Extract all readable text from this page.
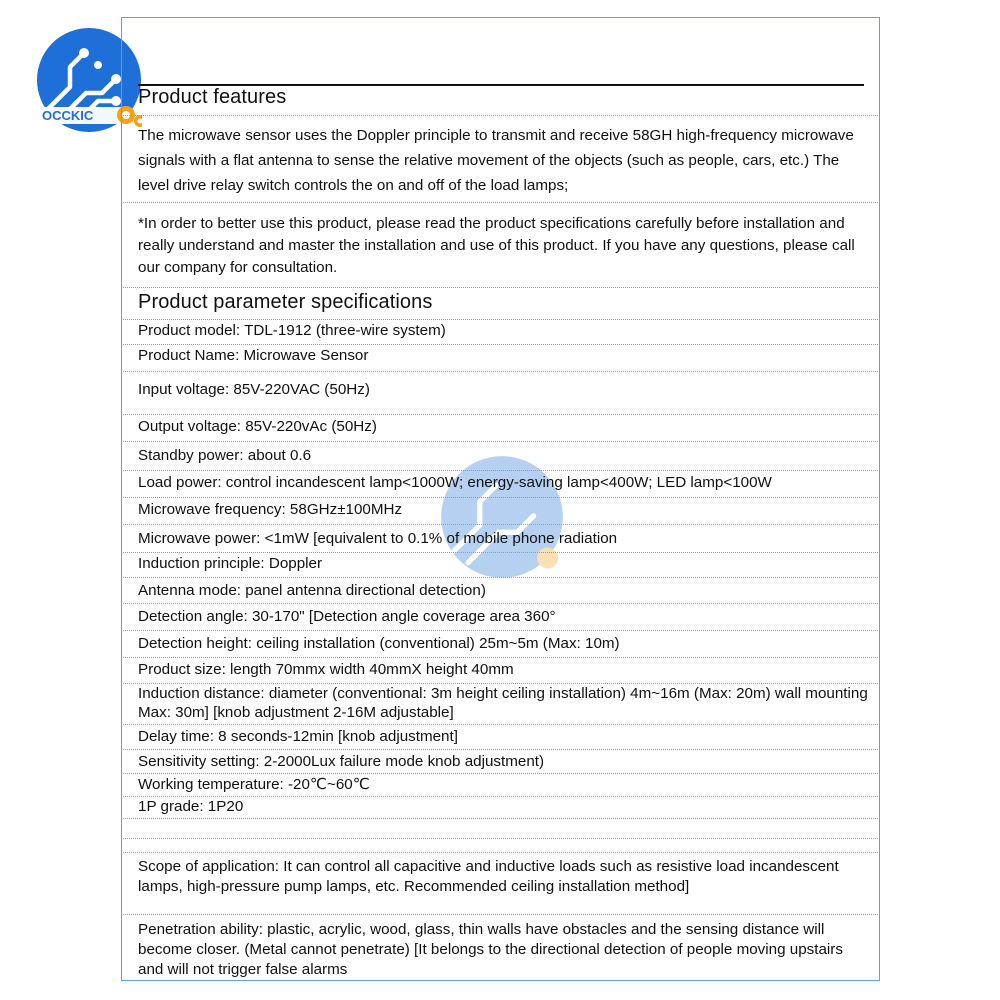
OCCKIC
Product features
The microwave sensor uses the Doppler principle to transmit and receive 58GH high-frequency microwave signals with a flat antenna to sense the relative movement of the objects (such as people, cars, etc.) The level drive relay switch controls the on and off of the load lamps;
*In order to better use this product, please read the product specifications carefully before installation and really understand and master the installation and use of this product. If you have any questions, please call our company for consultation.
Product parameter specifications
Product model: TDL-1912 (three-wire system)
Product Name: Microwave Sensor
Input voltage: 85V-220VAC (50Hz)
Output voltage: 85V-220vAc (50Hz)
Standby power: about 0.6
Load power: control incandescent lamp<1000W; energy-saving lamp<400W; LED lamp<100W
Microwave frequency: 58GHz±100MHz
Microwave power: <1mW [equivalent to 0.1% of mobile phone radiation
Induction principle: Doppler
Antenna mode: panel antenna directional detection)
Detection angle: 30-170" [Detection angle coverage area 360°
Detection height: ceiling installation (conventional) 25m~5m (Max: 10m)
Product size: length 70mmx width 40mmX height 40mm
Induction distance: diameter (conventional: 3m height ceiling installation) 4m~16m (Max: 20m) wall mounting Max: 30m] [knob adjustment 2-16M adjustable]
Delay time: 8 seconds-12min [knob adjustment]
Sensitivity setting: 2-2000Lux failure mode knob adjustment)
Working temperature: -20℃~60℃
1P grade: 1P20
Scope of application: It can control all capacitive and inductive loads such as resistive load incandescent lamps, high-pressure pump lamps, etc. Recommended ceiling installation method]
Penetration ability: plastic, acrylic, wood, glass, thin walls have obstacles and the sensing distance will become closer. (Metal cannot penetrate) [It belongs to the directional detection of people moving upstairs and will not trigger false alarms
